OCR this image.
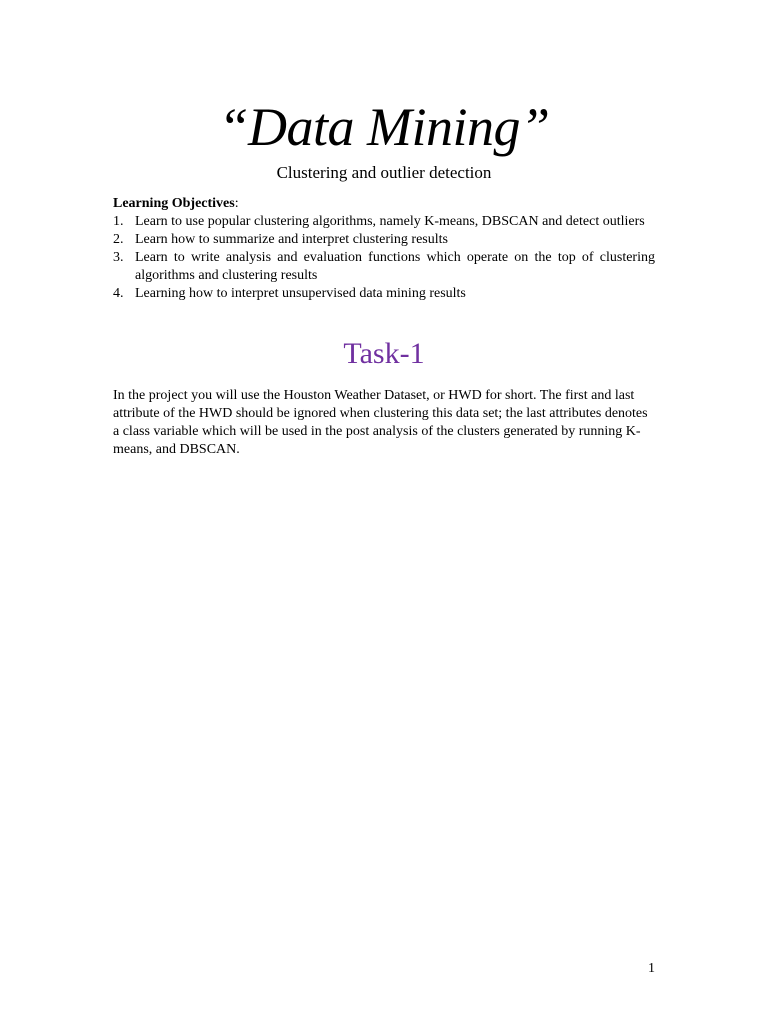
“Data Mining”
Clustering and outlier detection
Learning Objectives:
1. Learn to use popular clustering algorithms, namely K-means, DBSCAN and detect outliers
2. Learn how to summarize and interpret clustering results
3. Learn to write analysis and evaluation functions which operate on the top of clustering algorithms and clustering results
4. Learning how to interpret unsupervised data mining results
Task-1
In the project you will use the Houston Weather Dataset, or HWD for short. The first and last attribute of the HWD should be ignored when clustering this data set; the last attributes denotes a class variable which will be used in the post analysis of the clusters generated by running K-means, and DBSCAN.
1
